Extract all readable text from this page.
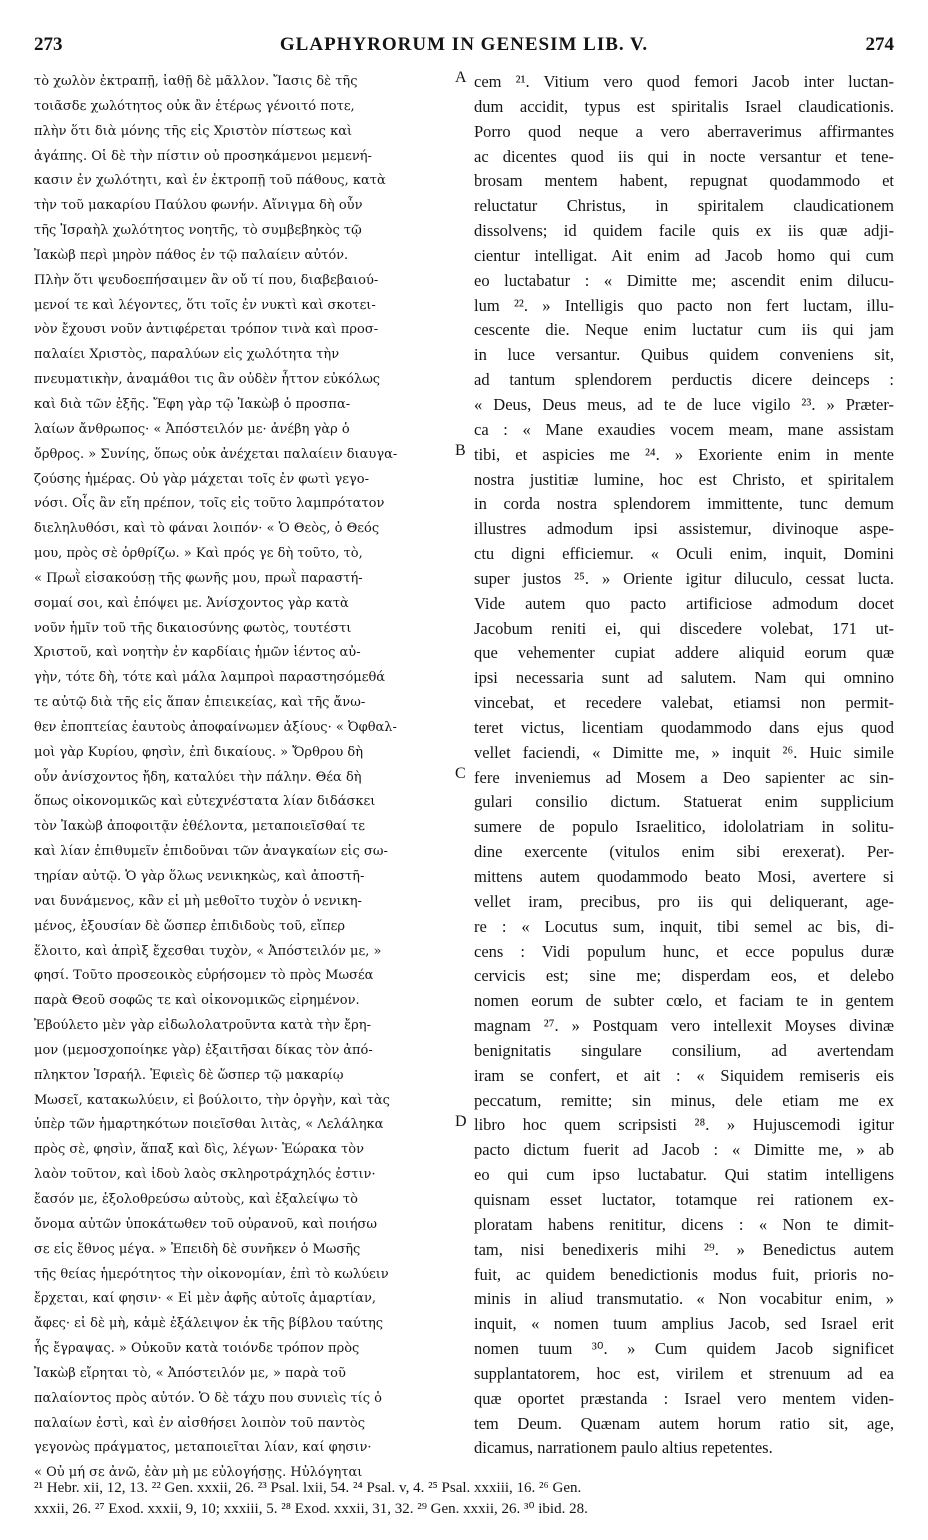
273	GLAPHYRORUM IN GENESIM LIB. V.	274
τὸ χωλὸν ἐκτραπῇ, ἰαθῇ δὲ μᾶλλον. Ἴασις δὲ τῆς
τοιᾶσδε χωλότητος οὐκ ἂν ἑτέρως γένοιτό ποτε,
πλὴν ὅτι διὰ μόνης τῆς εἰς Χριστὸν πίστεως καὶ
ἀγάπης. Οἱ δὲ τὴν πίστιν οὐ προσηκάμενοι μεμενή-
κασιν ἐν χωλότητι, καὶ ἐν ἐκτροπῇ τοῦ πάθους, κατὰ
τὴν τοῦ μακαρίου Παύλου φωνήν. Αἴνιγμα δὴ οὖν
τῆς Ἰσραὴλ χωλότητος νοητῆς, τὸ συμβεβηκὸς τῷ
Ἰακὼβ περὶ μηρὸν πάθος ἐν τῷ παλαίειν αὐτόν.
Πλὴν ὅτι ψευδοεπήσαιμεν ἂν οὔ τί που, διαβεβαιού-
μενοί τε καὶ λέγοντες, ὅτι τοῖς ἐν νυκτὶ καὶ σκοτει-
νὸν ἔχουσι νοῦν ἀντιφέρεται τρόπον τινὰ καὶ προσ-
παλαίει Χριστὸς, παραλύων εἰς χωλότητα τὴν
πνευματικὴν, ἀναμάθοι τις ἂν οὐδὲν ἧττον εὐκόλως
καὶ διὰ τῶν ἑξῆς. Ἔφη γὰρ τῷ Ἰακὼβ ὁ προσπα-
λαίων ἄνθρωπος· « Ἀπόστειλόν με· ἀνέβη γὰρ ὁ
ὄρθρος. » Συνίης, ὅπως οὐκ ἀνέχεται παλαίειν διαυγα-
ζούσης ἡμέρας. Οὐ γὰρ μάχεται τοῖς ἐν φωτὶ γεγο-
νόσι. Οἷς ἂν εἴη πρέπον, τοῖς εἰς τοῦτο λαμπρότατον
διεληλυθόσι, καὶ τὸ φάναι λοιπόν· « Ὁ Θεὸς, ὁ Θεός
μου, πρὸς σὲ ὀρθρίζω. » Καὶ πρός γε δὴ τοῦτο, τὸ,
« Πρωῒ εἰσακούσῃ τῆς φωνῆς μου, πρωῒ παραστή-
σομαί σοι, καὶ ἐπόψει με. Ἀνίσχοντος γὰρ κατὰ
νοῦν ἡμῖν τοῦ τῆς δικαιοσύνης φωτὸς, τουτέστι
Χριστοῦ, καὶ νοητὴν ἐν καρδίαις ἡμῶν ἱέντος αὐ-
γὴν, τότε δὴ, τότε καὶ μάλα λαμπροὶ παραστησόμεθά
τε αὐτῷ διὰ τῆς εἰς ἅπαν ἐπιεικείας, καὶ τῆς ἄνω-
θεν ἐποπτείας ἑαυτοὺς ἀποφαίνωμεν ἀξίους· « Ὀφθαλ-
μοὶ γὰρ Κυρίου, φησὶν, ἐπὶ δικαίους. » Ὄρθρου δὴ
οὖν ἀνίσχοντος ἤδη, καταλύει τὴν πάλην. Θέα δὴ
ὅπως οἰκονομικῶς καὶ εὐτεχνέστατα λίαν διδάσκει
τὸν Ἰακὼβ ἀποφοιτᾷν ἐθέλοντα, μεταποιεῖσθαί τε
καὶ λίαν ἐπιθυμεῖν ἐπιδοῦναι τῶν ἀναγκαίων εἰς σω-
τηρίαν αὐτῷ. Ὁ γὰρ ὅλως νενικηκὼς, καὶ ἀποστῆ-
ναι δυνάμενος, κἂν εἰ μὴ μεθοῖτο τυχὸν ὁ νενικη-
μένος, ἐξουσίαν δὲ ὥσπερ ἐπιδιδοὺς τοῦ, εἴπερ
ἕλοιτο, καὶ ἀπρὶξ ἔχεσθαι τυχὸν, « Ἀπόστειλόν με, »
φησί. Τοῦτο προσεοικὸς εὑρήσομεν τὸ πρὸς Μωσέα
παρὰ Θεοῦ σοφῶς τε καὶ οἰκονομικῶς εἰρημένον.
Ἐβούλετο μὲν γὰρ εἰδωλολατροῦντα κατὰ τὴν ἔρη-
μον (μεμοσχοποίηκε γὰρ) ἐξαιτῆσαι δίκας τὸν ἀπό-
πληκτον Ἰσραήλ. Ἐφιεὶς δὲ ὥσπερ τῷ μακαρίῳ
Μωσεῖ, κατακωλύειν, εἰ βούλοιτο, τὴν ὀργὴν, καὶ τὰς
ὑπὲρ τῶν ἡμαρτηκότων ποιεῖσθαι λιτὰς, « Λελάληκα
πρὸς σὲ, φησὶν, ἅπαξ καὶ δὶς, λέγων· Ἑώρακα τὸν
λαὸν τοῦτον, καὶ ἰδοὺ λαὸς σκληροτράχηλός ἐστιν·
ἔασόν με, ἐξολοθρεύσω αὐτοὺς, καὶ ἐξαλείψω τὸ
ὄνομα αὐτῶν ὑποκάτωθεν τοῦ οὐρανοῦ, καὶ ποιήσω
σε εἰς ἔθνος μέγα. » Ἐπειδὴ δὲ συνῆκεν ὁ Μωσῆς
τῆς θείας ἡμερότητος τὴν οἰκονομίαν, ἐπὶ τὸ κωλύειν
ἔρχεται, καί φησιν· « Εἰ μὲν ἀφῆς αὐτοῖς ἁμαρτίαν,
ἄφες· εἰ δὲ μὴ, κἀμὲ ἐξάλειψον ἐκ τῆς βίβλου ταύτης
ἧς ἔγραψας. » Οὐκοῦν κατὰ τοιόνδε τρόπον πρὸς
Ἰακὼβ εἴρηται τὸ, « Ἀπόστειλόν με, » παρὰ τοῦ
παλαίοντος πρὸς αὐτόν. Ὁ δὲ τάχυ που συνιεὶς τίς ὁ
παλαίων ἐστὶ, καὶ ἐν αἰσθήσει λοιπὸν τοῦ παντὸς
γεγονὼς πράγματος, μεταποιεῖται λίαν, καί φησιν·
« Οὐ μή σε ἀνῶ, ἐὰν μὴ με εὐλογήσῃς. Ηὐλόγηται
cem ²¹. Vitium vero quod femori Jacob inter luctan-
dum accidit, typus est spiritalis Israel claudicationis.
Porro quod neque a vero aberraverimus affirmantes
ac dicentes quod iis qui in nocte versantur et tene-
brosam mentem habent, repugnat quodammodo et
reluctatur Christus, in spiritalem claudicationem
dissolvens; id quidem facile quis ex iis quæ adji-
cientur intelligat. Ait enim ad Jacob homo qui cum
eo luctabatur : « Dimitte me; ascendit enim dilucu-
lum ²². » Intelligis quo pacto non fert luctam, illu-
cescente die. Neque enim luctatur cum iis qui jam
in luce versantur. Quibus quidem conveniens sit,
ad tantum splendorem perductis dicere deinceps :
« Deus, Deus meus, ad te de luce vigilo ²³. » Præter-
ca : « Mane exaudies vocem meam, mane assistam
tibi, et aspicies me ²⁴. » Exoriente enim in mente
nostra justitiæ lumine, hoc est Christo, et spiritalem
in corda nostra splendorem immittente, tunc demum
illustres admodum ipsi assistemur, divinoque aspe-
ctu digni efficiemur. « Oculi enim, inquit, Domini
super justos ²⁵. » Oriente igitur diluculo, cessat lucta.
Vide autem quo pacto artificiose admodum docet
Jacobum reniti ei, qui discedere volebat, 171 ut-
que vehementer cupiat addere aliquid eorum quæ
ipsi necessaria sunt ad salutem. Nam qui omnino
vincebat, et recedere valebat, etiamsi non permit-
teret victus, licentiam quodammodo dans ejus quod
vellet faciendi, « Dimitte me, » inquit ²⁶. Huic simile
fere inveniemus ad Mosem a Deo sapienter ac sin-
gulari consilio dictum. Statuerat enim supplicium
sumere de populo Israelitico, idololatriam in solitu-
dine exercente (vitulos enim sibi erexerat). Per-
mittens autem quodammodo beato Mosi, avertere si
vellet iram, precibus, pro iis qui deliquerant, age-
re : « Locutus sum, inquit, tibi semel ac bis, di-
cens : Vidi populum hunc, et ecce populus duræ
cervicis est; sine me; disperdam eos, et delebo
nomen eorum de subter cœlo, et faciam te in gentem
magnam ²⁷. » Postquam vero intellexit Moyses divinæ
benignitatis singulare consilium, ad avertendam
iram se confert, et ait : « Siquidem remiseris eis
peccatum, remitte; sin minus, dele etiam me ex
libro hoc quem scripsisti ²⁸. » Hujuscemodi igitur
pacto dictum fuerit ad Jacob : « Dimitte me, » ab
eo qui cum ipso luctabatur. Qui statim intelligens
quisnam esset luctator, totamque rei rationem ex-
ploratam habens renititur, dicens : « Non te dimit-
tam, nisi benedixeris mihi ²⁹. » Benedictus autem
fuit, ac quidem benedictionis modus fuit, prioris no-
minis in aliud transmutatio. « Non vocabitur enim, »
inquit, « nomen tuum amplius Jacob, sed Israel erit
nomen tuum ³⁰. » Cum quidem Jacob significet
supplantatorem, hoc est, virilem et strenuum ad ea
quæ oportet præstanda : Israel vero mentem viden-
tem Deum. Quænam autem horum ratio sit, age,
dicamus, narrationem paulo altius repetentes.
A
B
C
D
²¹ Hebr. xii, 12, 13. ²² Gen. xxxii, 26. ²³ Psal. lxii, 54. ²⁴ Psal. v, 4. ²⁵ Psal. xxxiii, 16. ²⁶ Gen.
xxxii, 26. ²⁷ Exod. xxxii, 9, 10; xxxiii, 5. ²⁸ Exod. xxxii, 31, 32. ²⁹ Gen. xxxii, 26. ³⁰ ibid. 28.
